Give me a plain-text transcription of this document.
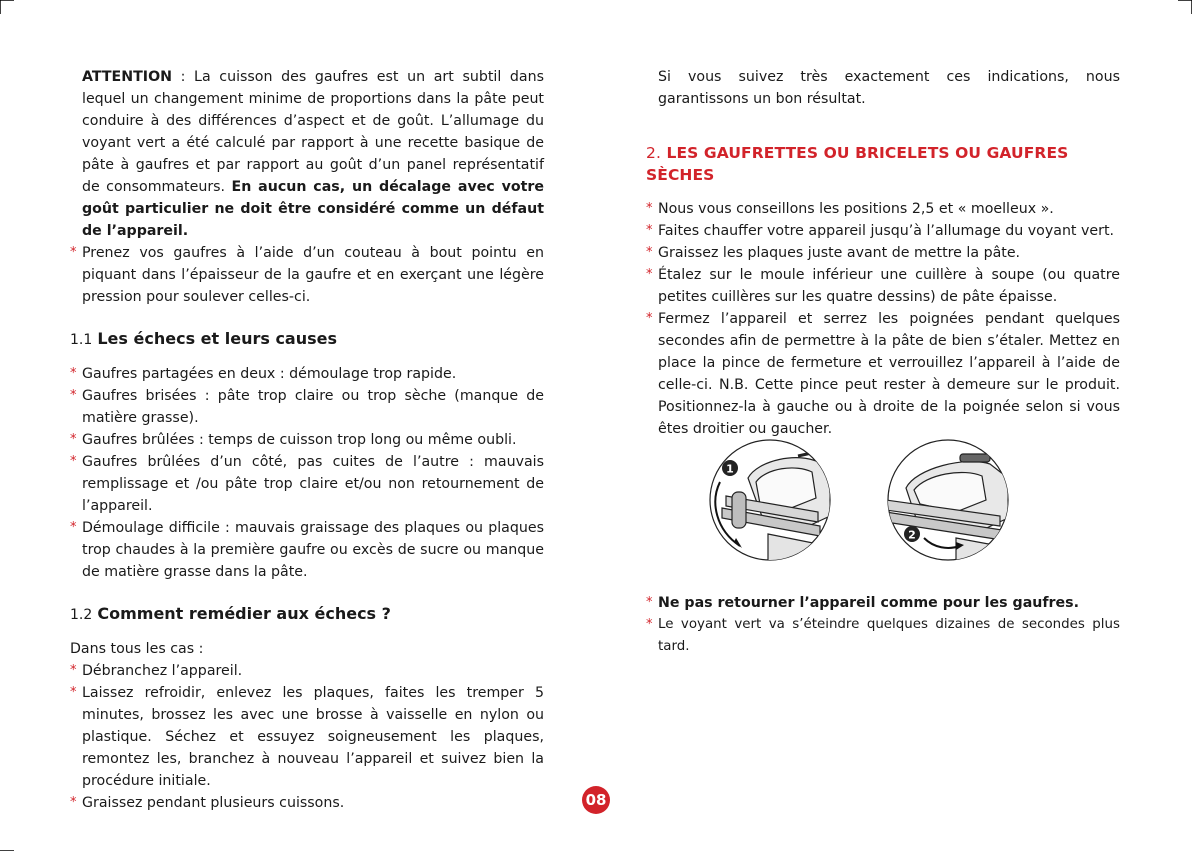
ATTENTION : La cuisson des gaufres est un art subtil dans lequel un changement minime de proportions dans la pâte peut conduire à des différences d’aspect et de goût. L’allumage du voyant vert a été calculé par rapport à une recette basique de pâte à gaufres et par rapport au goût d’un panel représentatif de consommateurs. En aucun cas, un décalage avec votre goût particulier ne doit être considéré comme un défaut de l’appareil.

* Prenez vos gaufres à l’aide d’un couteau à bout pointu en piquant dans l’épaisseur de la gaufre et en exerçant une légère pression pour soulever celles-ci.

1.1 Les échecs et leurs causes

* Gaufres partagées en deux : démoulage trop rapide.

* Gaufres brisées : pâte trop claire ou trop sèche (manque de matière grasse).

* Gaufres brûlées : temps de cuisson trop long ou même oubli.

* Gaufres brûlées d’un côté, pas cuites de l’autre : mauvais remplissage et /ou pâte trop claire et/ou non retournement de l’appareil.

* Démoulage difficile : mauvais graissage des plaques ou plaques trop chaudes à la première gaufre ou excès de sucre ou manque de matière grasse dans la pâte.

1.2 Comment remédier aux échecs ?

Dans tous les cas :

* Débranchez l’appareil.

* Laissez refroidir, enlevez les plaques, faites les tremper 5 minutes, brossez les avec une brosse à vaisselle en nylon ou plastique. Séchez et essuyez soigneusement les plaques, remontez les, branchez à nouveau l’appareil et suivez bien la procédure initiale.

* Graissez pendant plusieurs cuissons.

Si vous suivez très exactement ces indications, nous garantissons un bon résultat.

2. LES GAUFRETTES OU BRICELETS OU GAUFRES SÈCHES

* Nous vous conseillons les positions 2,5 et « moelleux ».

* Faites chauffer votre appareil jusqu’à l’allumage du voyant vert.

* Graissez les plaques juste avant de mettre la pâte.

* Étalez sur le moule inférieur une cuillère à soupe (ou quatre petites cuillères sur les quatre dessins) de pâte épaisse.

* Fermez l’appareil et serrez les poignées pendant quelques secondes afin de permettre à la pâte de bien s’étaler. Mettez en place la pince de fermeture et verrouillez l’appareil à l’aide de celle-ci. N.B. Cette pince peut rester à demeure sur le produit. Positionnez-la à gauche ou à droite de la poignée selon si vous êtes droitier ou gaucher.

1
2

* Ne pas retourner l’appareil comme pour les gaufres.

* Le voyant vert va s’éteindre quelques dizaines de secondes plus tard.

08
